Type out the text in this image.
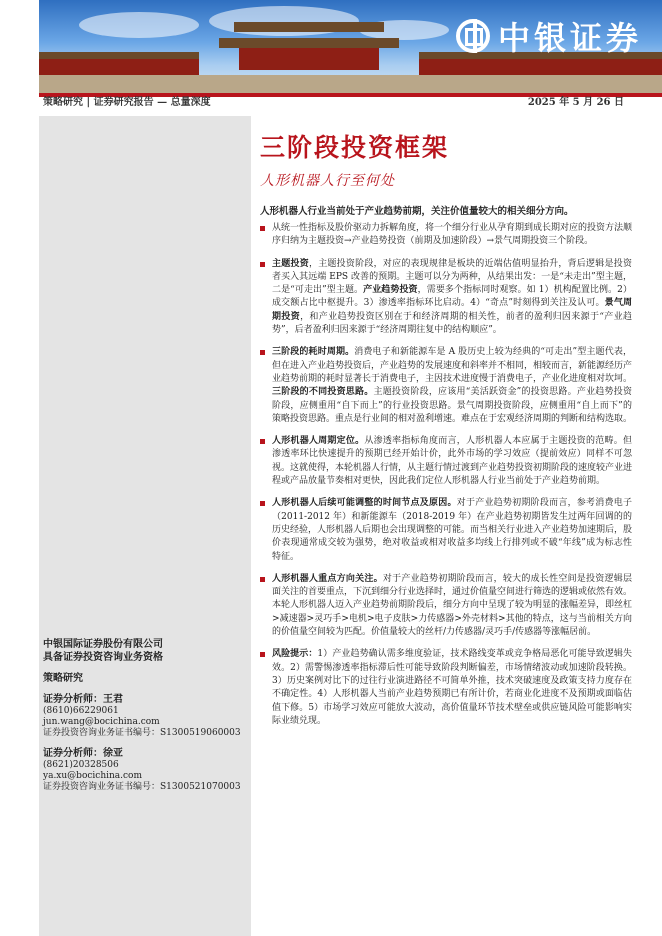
中银证券
策略研究 | 证券研究报告 — 总量深度	2025 年 5 月 26 日
中银国际证券股份有限公司
具备证券投资咨询业务资格
策略研究
证券分析师：王君
(8610)66229061
jun.wang@bocichina.com
证券投资咨询业务证书编号：S1300519060003
证券分析师：徐亚
(8621)20328506
ya.xu@bocichina.com
证券投资咨询业务证书编号：S1300521070003
三阶段投资框架
人形机器人行至何处
人形机器人行业当前处于产业趋势前期，关注价值量较大的相关细分方向。

从统一性指标及股价驱动力拆解角度，将一个细分行业从孕育期到成长期对应的投资方法顺序归纳为主题投资→产业趋势投资（前期及加速阶段）→景气周期投资三个阶段。

主题投资，主题投资阶段，对应的表现规律是板块的近端估值明显抬升，背后逻辑是投资者买入其远端 EPS 改善的预期。主题可以分为两种，从结果出发：一是“未走出”型主题，二是“可走出”型主题。产业趋势投资，需要多个指标同时观察。如 1）机构配置比例。2）成交额占比中枢提升。3）渗透率指标环比启动。4）“奇点”时刻得到关注及认可。景气周期投资，和产业趋势投资区别在于和经济周期的相关性，前者的盈利归因来源于“产业趋势”，后者盈利归因来源于“经济周期往复中的结构顺应”。

三阶段的耗时周期。消费电子和新能源车是 A 股历史上较为经典的“可走出”型主题代表，但在进入产业趋势投资后，产业趋势的发展速度和斜率并不相同，相较而言，新能源经历产业趋势前期的耗时显著长于消费电子，主因技术进度慢于消费电子，产业化进度相对坎坷。三阶段的不同投资思路。主题投资阶段，应该用“美活跃资金”的投资思路。产业趋势投资阶段，应侧重用“自下而上”的行业投资思路。景气周期投资阶段，应侧重用“自上而下”的策略投资思路。重点是行业间的相对盈利增速。难点在于宏观经济周期的判断和结构选取。

人形机器人周期定位。从渗透率指标角度而言，人形机器人本应属于主题投资的范畴。但渗透率环比快速提升的预期已经开始计价，此外市场的学习效应（提前效应）同样不可忽视。这就使得，本轮机器人行情，从主题行情过渡到产业趋势投资初期阶段的速度较产业进程或产品放量节奏相对更快，因此我们定位人形机器人行业当前处于产业趋势前期。

人形机器人后续可能调整的时间节点及原因。对于产业趋势初期阶段而言，参考消费电子（2011-2012 年）和新能源车（2018-2019 年）在产业趋势初期皆发生过两年回调的的历史经验，人形机器人后期也会出现调整的可能。而当相关行业进入产业趋势加速期后，股价表现通常成交较为强势，绝对收益或相对收益多均线上行排列或不破“年线”成为标志性特征。

人形机器人重点方向关注。对于产业趋势初期阶段而言，较大的成长性空间是投资逻辑层面关注的首要重点，下沉到细分行业选择时，通过价值量空间进行筛选的逻辑或依然有效。本轮人形机器人迈入产业趋势前期阶段后，细分方向中呈现了较为明显的涨幅差异，即丝杠>减速器>灵巧手>电机>电子皮肤>力传感器>外壳材料>其他的特点，这与当前相关方向的价值量空间较为匹配。价值量较大的丝杆/力传感器/灵巧手/传感器等涨幅居前。

风险提示：1）产业趋势确认需多维度验证，技术路线变革或竞争格局恶化可能导致逻辑失效。2）需警惕渗透率指标滞后性可能导致阶段判断偏差，市场情绪波动或加速阶段转换。3）历史案例对比下的过往行业演进路径不可简单外推，技术突破速度及政策支持力度存在不确定性。4）人形机器人当前产业趋势预期已有所计价，若商业化进度不及预期或面临估值下修。5）市场学习效应可能放大波动，高价值量环节技术壁垒或供应链风险可能影响实际业绩兑现。
